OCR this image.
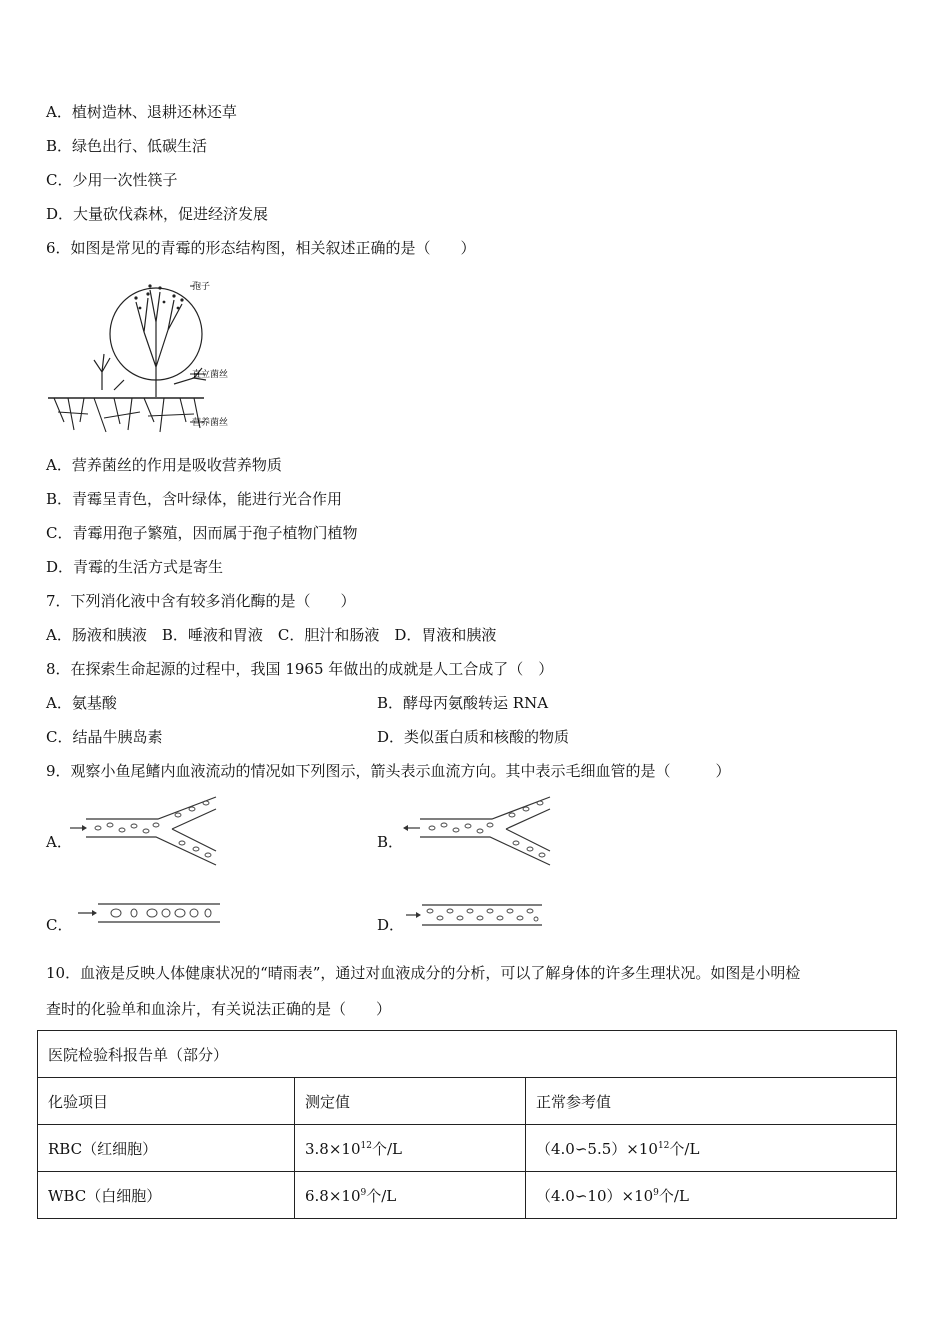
A．植树造林、退耕还林还草
B．绿色出行、低碳生活
C．少用一次性筷子
D．大量砍伐森林，促进经济发展
6．如图是常见的青霉的形态结构图，相关叙述正确的是（　　）
孢子
直立菌丝
营养菌丝
A．营养菌丝的作用是吸收营养物质
B．青霉呈青色，含叶绿体，能进行光合作用
C．青霉用孢子繁殖，因而属于孢子植物门植物
D．青霉的生活方式是寄生
7．下列消化液中含有较多消化酶的是（　　）
A．肠液和胰液　B．唾液和胃液　C．胆汁和肠液　D．胃液和胰液
8．在探索生命起源的过程中，我国 1965 年做出的成就是人工合成了（　）
A．氨基酸	B．酵母丙氨酸转运 RNA
C．结晶牛胰岛素	D．类似蛋白质和核酸的物质
9．观察小鱼尾鳍内血液流动的情况如下列图示，箭头表示血流方向。其中表示毛细血管的是（　　　）
A．	B．
C．	D．
10．血液是反映人体健康状况的“晴雨表”，通过对血液成分的分析，可以了解身体的许多生理状况。如图是小明检
查时的化验单和血涂片，有关说法正确的是（　　）
医院检验科报告单（部分）		
化验项目	测定值	正常参考值
RBC（红细胞）	$3.8\times 10^{12}$个/L	$(4.0∽5.5)\times 10^{12}$个/L
WBC（白细胞）	$6.8\times 10^9$个/L	$(4.0∽10)\times 10^9$个/L
